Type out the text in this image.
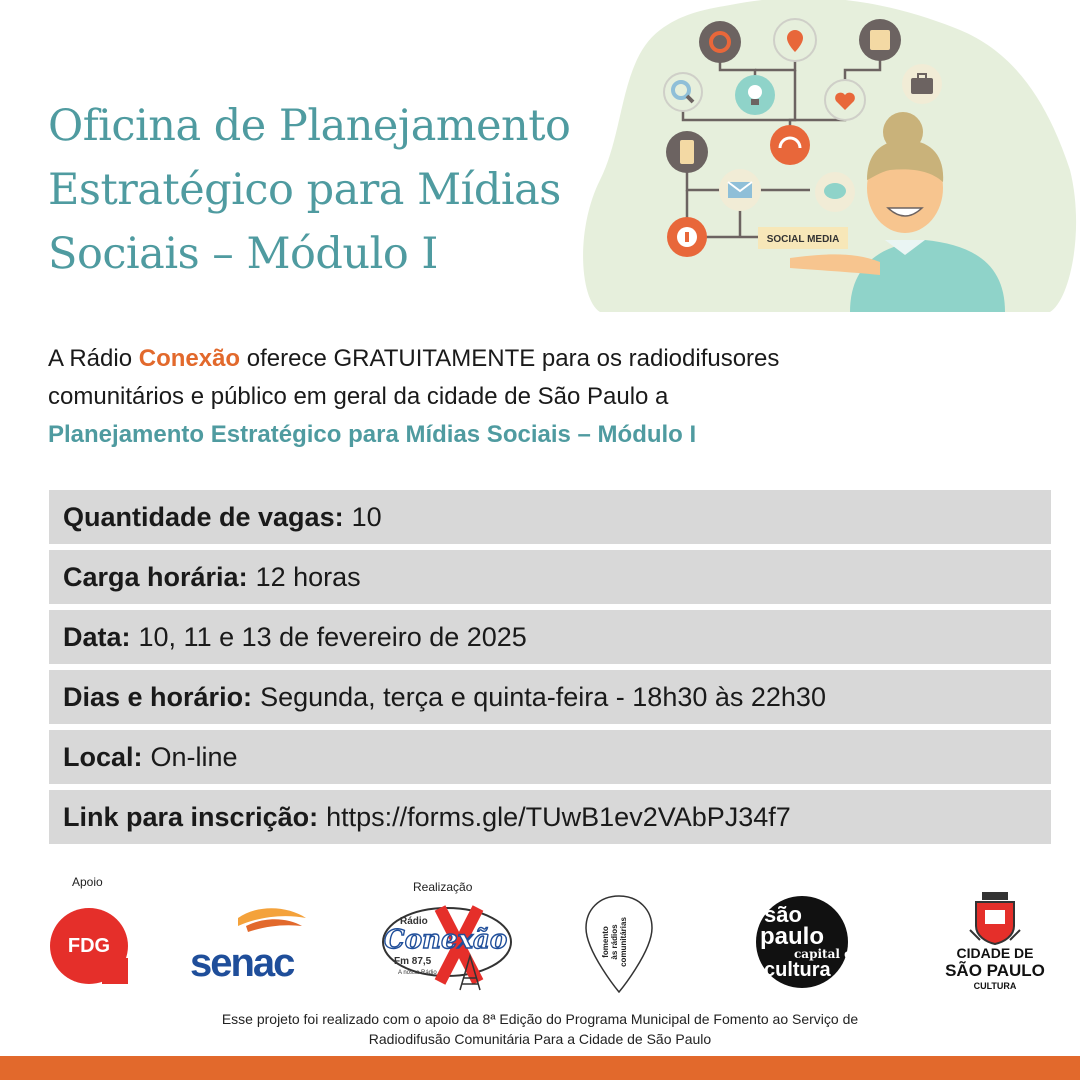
Oficina de Planejamento
Estratégico para Mídias
Sociais – Módulo I	SOCIAL MEDIA
A Rádio Conexão oferece GRATUITAMENTE para os radiodifusores
comunitários e público em geral da cidade de São Paulo a
Planejamento Estratégico para Mídias Sociais – Módulo I
Quantidade de vagas: 10
Carga horária: 12 horas
Data: 10, 11 e 13 de fevereiro de 2025
Dias e horário: Segunda, terça e quinta-feira - 18h30 às 22h30
Local: On-line
Link para inscrição: https://forms.gle/TUwB1ev2VAbPJ34f7
Apoio	Realização
FDG senac
Rádio
Conexão
Fm 87,5
A nossa Rádio
fomento às rádios comunitárias
são
paulo
capital da
cultura
CIDADE DE
SÃO PAULO
CULTURA
Esse projeto foi realizado com o apoio da 8ª Edição do Programa Municipal de Fomento ao Serviço de
Radiodifusão Comunitária Para a Cidade de São Paulo
